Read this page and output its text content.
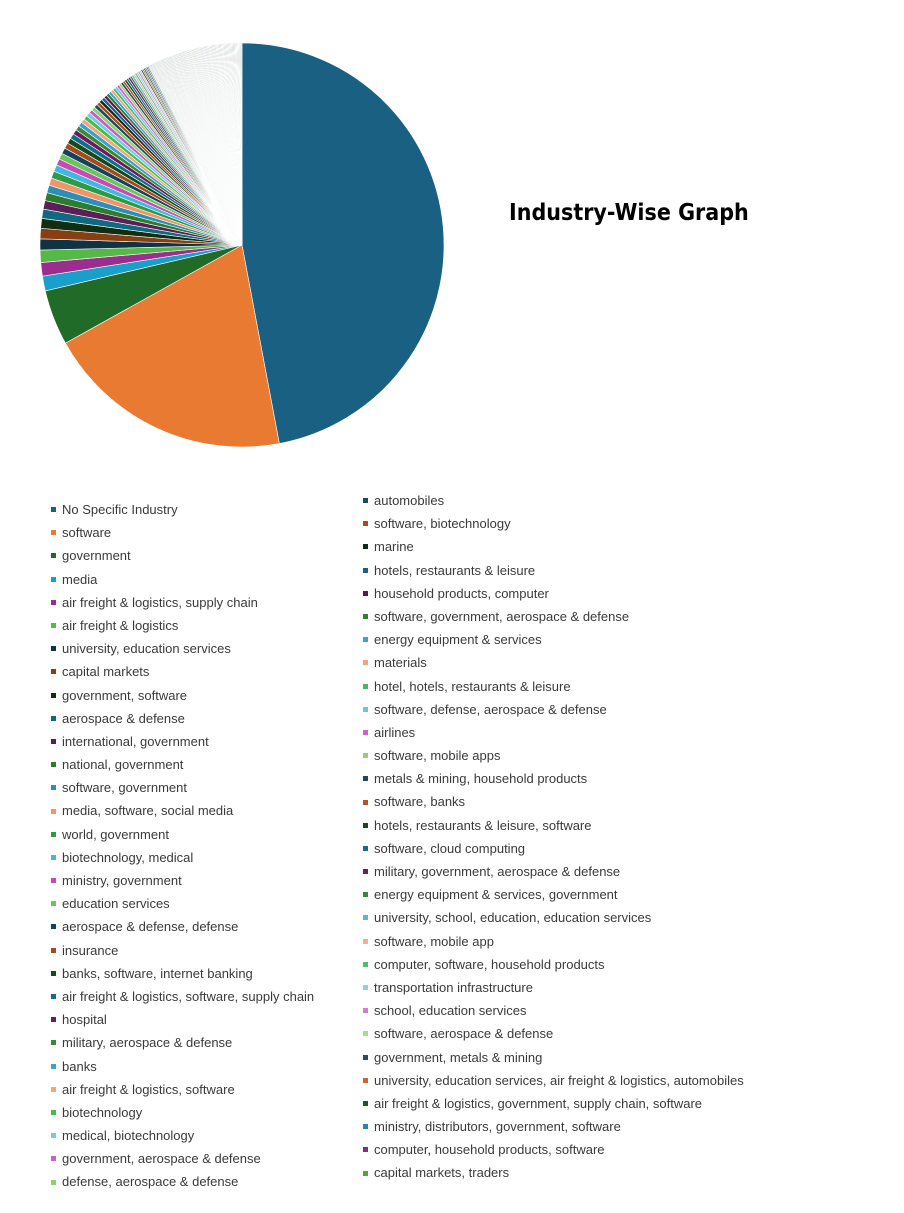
Industry-Wise Graph
No Specific Industry
software
government
media
air freight & logistics, supply chain
air freight & logistics
university, education services
capital markets
government, software
aerospace & defense
international, government
national, government
software, government
media, software, social media
world, government
biotechnology, medical
ministry, government
education services
aerospace & defense, defense
insurance
banks, software, internet banking
air freight & logistics, software, supply chain
hospital
military, aerospace & defense
banks
air freight & logistics, software
biotechnology
medical, biotechnology
government, aerospace & defense
defense, aerospace & defense
automobiles
software, biotechnology
marine
hotels, restaurants & leisure
household products, computer
software, government, aerospace & defense
energy equipment & services
materials
hotel, hotels, restaurants & leisure
software, defense, aerospace & defense
airlines
software, mobile apps
metals & mining, household products
software, banks
hotels, restaurants & leisure, software
software, cloud computing
military, government, aerospace & defense
energy equipment & services, government
university, school, education, education services
software, mobile app
computer, software, household products
transportation infrastructure
school, education services
software, aerospace & defense
government, metals & mining
university, education services, air freight & logistics, automobiles
air freight & logistics, government, supply chain, software
ministry, distributors, government, software
computer, household products, software
capital markets, traders
